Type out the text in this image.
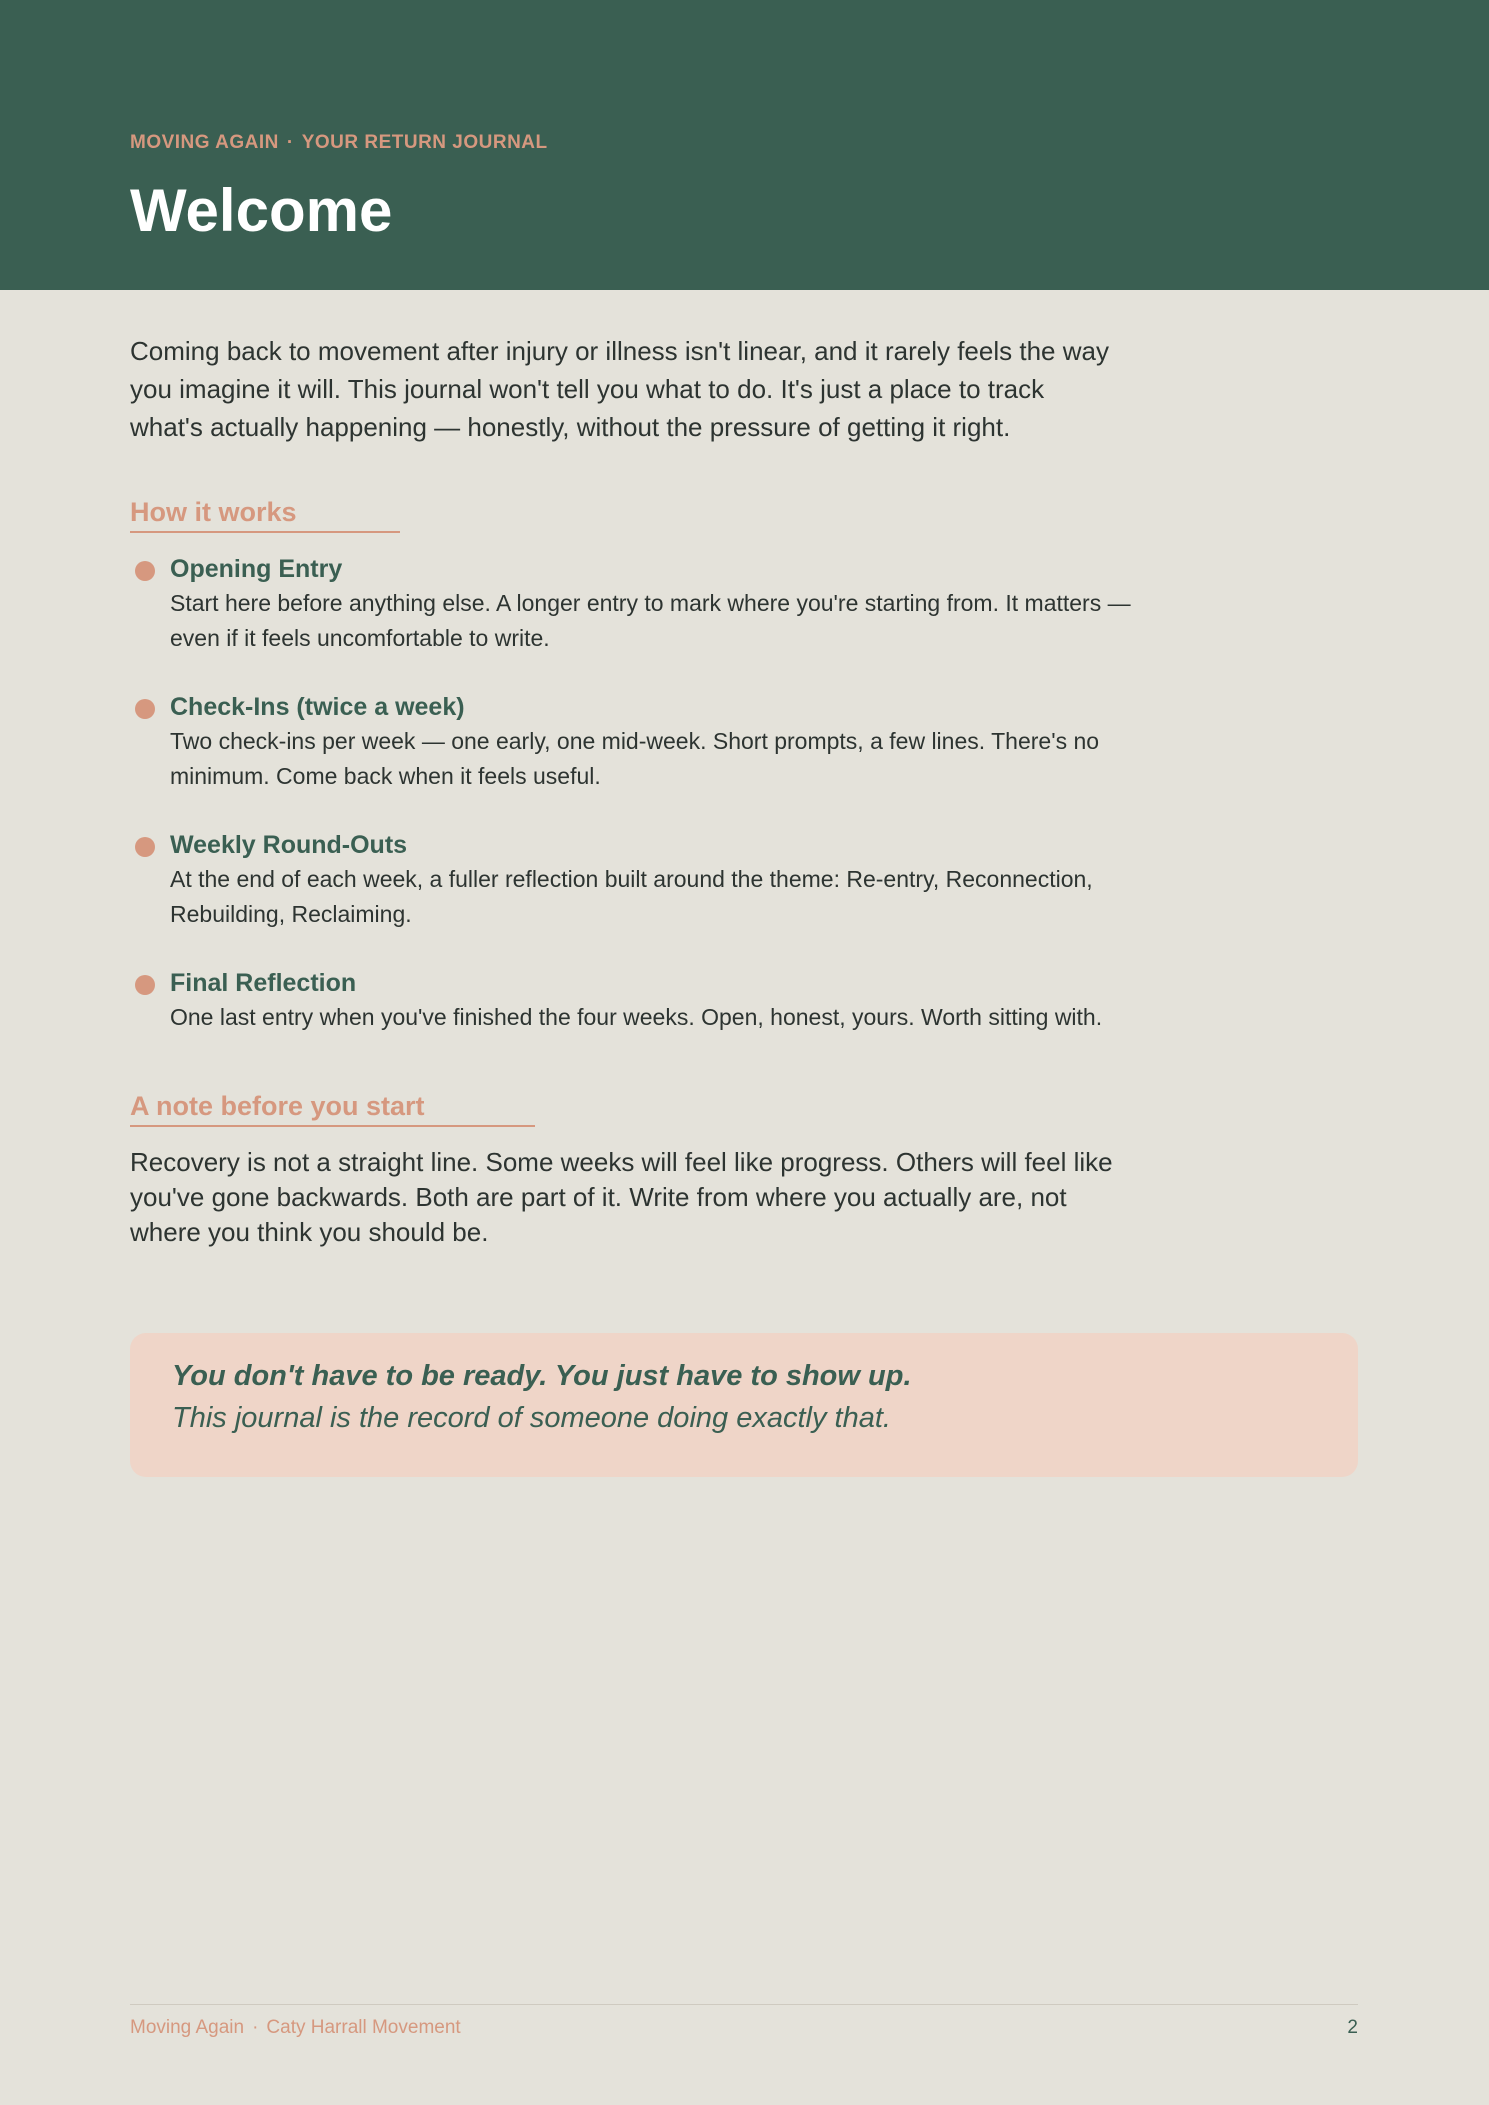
MOVING AGAIN · YOUR RETURN JOURNAL
Welcome

Coming back to movement after injury or illness isn't linear, and it rarely feels the way you imagine it will. This journal won't tell you what to do. It's just a place to track what's actually happening — honestly, without the pressure of getting it right.

How it works
Opening Entry
Start here before anything else. A longer entry to mark where you're starting from. It matters — even if it feels uncomfortable to write.
Check-Ins (twice a week)
Two check-ins per week — one early, one mid-week. Short prompts, a few lines. There's no minimum. Come back when it feels useful.
Weekly Round-Outs
At the end of each week, a fuller reflection built around the theme: Re-entry, Reconnection, Rebuilding, Reclaiming.
Final Reflection
One last entry when you've finished the four weeks. Open, honest, yours. Worth sitting with.
A note before you start

Recovery is not a straight line. Some weeks will feel like progress. Others will feel like you've gone backwards. Both are part of it. Write from where you actually are, not where you think you should be.

You don't have to be ready. You just have to show up.
This journal is the record of someone doing exactly that.
Moving Again · Caty Harrall Movement	2
